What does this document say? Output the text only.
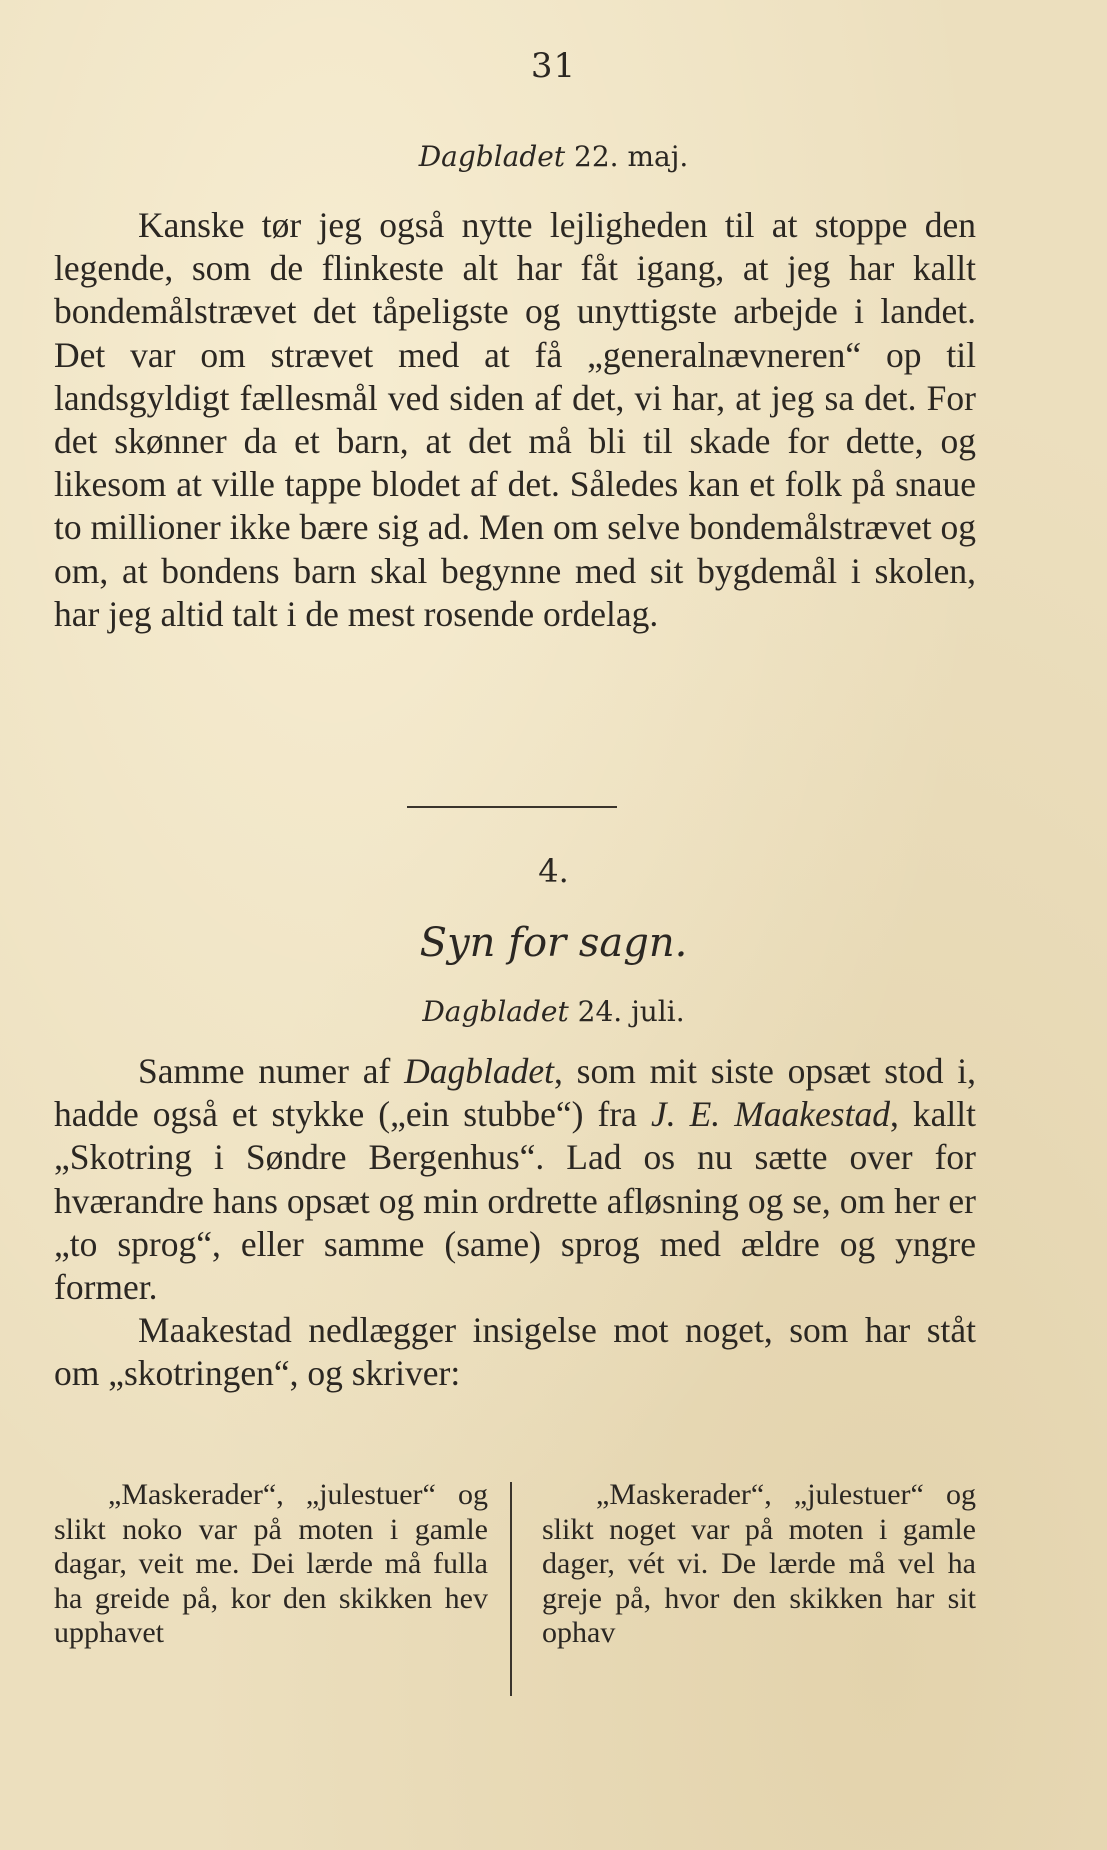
31
Dagbladet 22. maj.

Kanske tør jeg også nytte lejligheden til at stoppe den legende, som de flinkeste alt har fåt igang, at jeg har kallt bondemålstrævet det tåpeligste og unyttigste arbejde i landet. Det var om strævet med at få „generalnævneren“ op til landsgyldigt fællesmål ved siden af det, vi har, at jeg sa det. For det skønner da et barn, at det må bli til skade for dette, og likesom at ville tappe blodet af det. Således kan et folk på snaue to millioner ikke bære sig ad. Men om selve bondemålstrævet og om, at bondens barn skal begynne med sit bygdemål i skolen, har jeg altid talt i de mest rosende ordelag.

4.
Syn for sagn.
Dagbladet 24. juli.

Samme numer af Dagbladet, som mit siste opsæt stod i, hadde også et stykke („ein stubbe“) fra J. E. Maakestad, kallt „Skotring i Søndre Bergenhus“. Lad os nu sætte over for hværandre hans opsæt og min ordrette afløsning og se, om her er „to sprog“, eller samme (same) sprog med ældre og yngre former.

Maakestad nedlægger insigelse mot noget, som har ståt om „skotringen“, og skriver:

„Maskerader“, „julestuer“ og slikt noko var på moten i gamle dagar, veit me. Dei lærde må fulla ha greide på, kor den skikken hev upphavet

„Maskerader“, „julestuer“ og slikt noget var på moten i gamle dager, vét vi. De lærde må vel ha greje på, hvor den skikken har sit ophav
